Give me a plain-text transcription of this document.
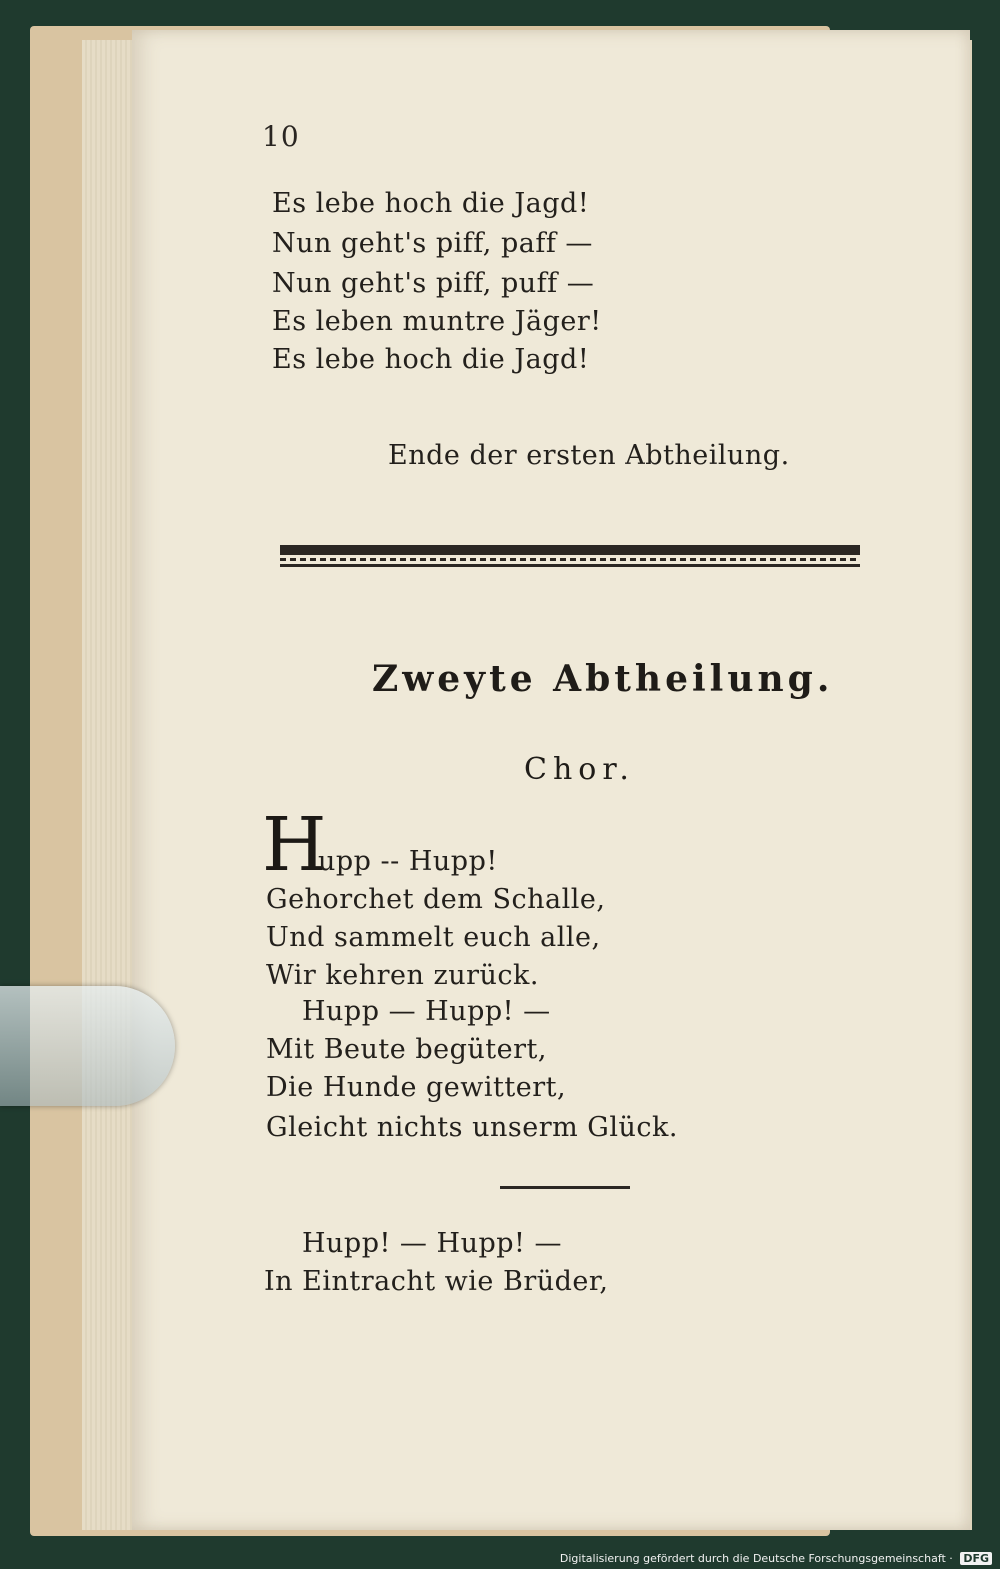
10
Es lebe hoch die Jagd!
Nun geht's piff, paff —
Nun geht's piff, puff —
Es leben muntre Jäger!
Es lebe hoch die Jagd!
Ende der ersten Abtheilung.
Zweyte Abtheilung.
Chor.
H
upp -- Hupp!
Gehorchet dem Schalle,
Und sammelt euch alle,
Wir kehren zurück.
Hupp — Hupp! —
Mit Beute begütert,
Die Hunde gewittert,
Gleicht nichts unserm Glück.
Hupp! — Hupp! —
In Eintracht wie Brüder,
Digitalisierung gefördert durch die Deutsche Forschungsgemeinschaft · DFG
